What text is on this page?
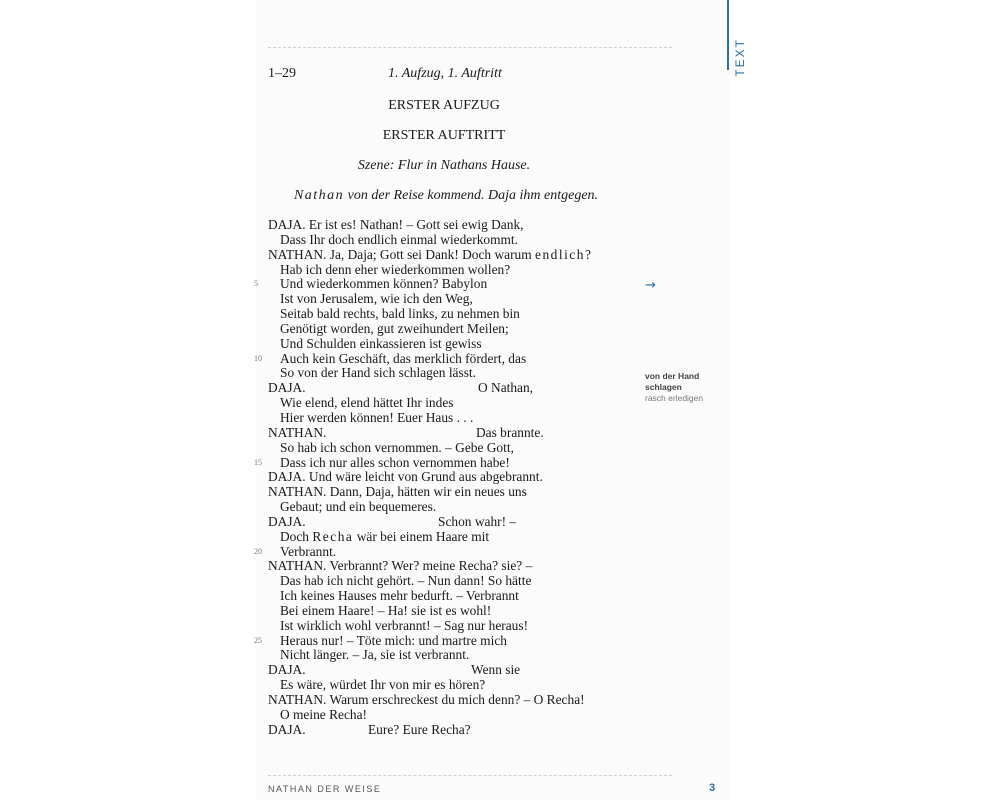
TEXT
1–29	1. Aufzug, 1. Auftritt
ERSTER AUFZUG
ERSTER AUFTRITT
Szene: Flur in Nathans Hause.
Nathan von der Reise kommend. Daja ihm entgegen.
DAJA. Er ist es! Nathan! – Gott sei ewig Dank,
Dass Ihr doch endlich einmal wiederkommt.
NATHAN. Ja, Daja; Gott sei Dank! Doch warum endlich?
Hab ich denn eher wiederkommen wollen?
5 Und wiederkommen können? Babylon
Ist von Jerusalem, wie ich den Weg,
Seitab bald rechts, bald links, zu nehmen bin
Genötigt worden, gut zweihundert Meilen;
Und Schulden einkassieren ist gewiss
10 Auch kein Geschäft, das merklich fördert, das
So von der Hand sich schlagen lässt.
DAJA.	O Nathan,
Wie elend, elend hättet Ihr indes
Hier werden können! Euer Haus . . .
NATHAN.	Das brannte.
So hab ich schon vernommen. – Gebe Gott,
15 Dass ich nur alles schon vernommen habe!
DAJA. Und wäre leicht von Grund aus abgebrannt.
NATHAN. Dann, Daja, hätten wir ein neues uns
Gebaut; und ein bequemeres.
DAJA.	Schon wahr! –
Doch Recha wär bei einem Haare mit
20 Verbrannt.
NATHAN. Verbrannt? Wer? meine Recha? sie? –
Das hab ich nicht gehört. – Nun dann! So hätte
Ich keines Hauses mehr bedurft. – Verbrannt
Bei einem Haare! – Ha! sie ist es wohl!
Ist wirklich wohl verbrannt! – Sag nur heraus!
25 Heraus nur! – Töte mich: und martre mich
Nicht länger. – Ja, sie ist verbrannt.
DAJA.	Wenn sie
Es wäre, würdet Ihr von mir es hören?
NATHAN. Warum erschreckest du mich denn? – O Recha!
O meine Recha!
DAJA.	Eure? Eure Recha?
→
von der Hand schlagen
rasch erledigen
NATHAN DER WEISE	3
